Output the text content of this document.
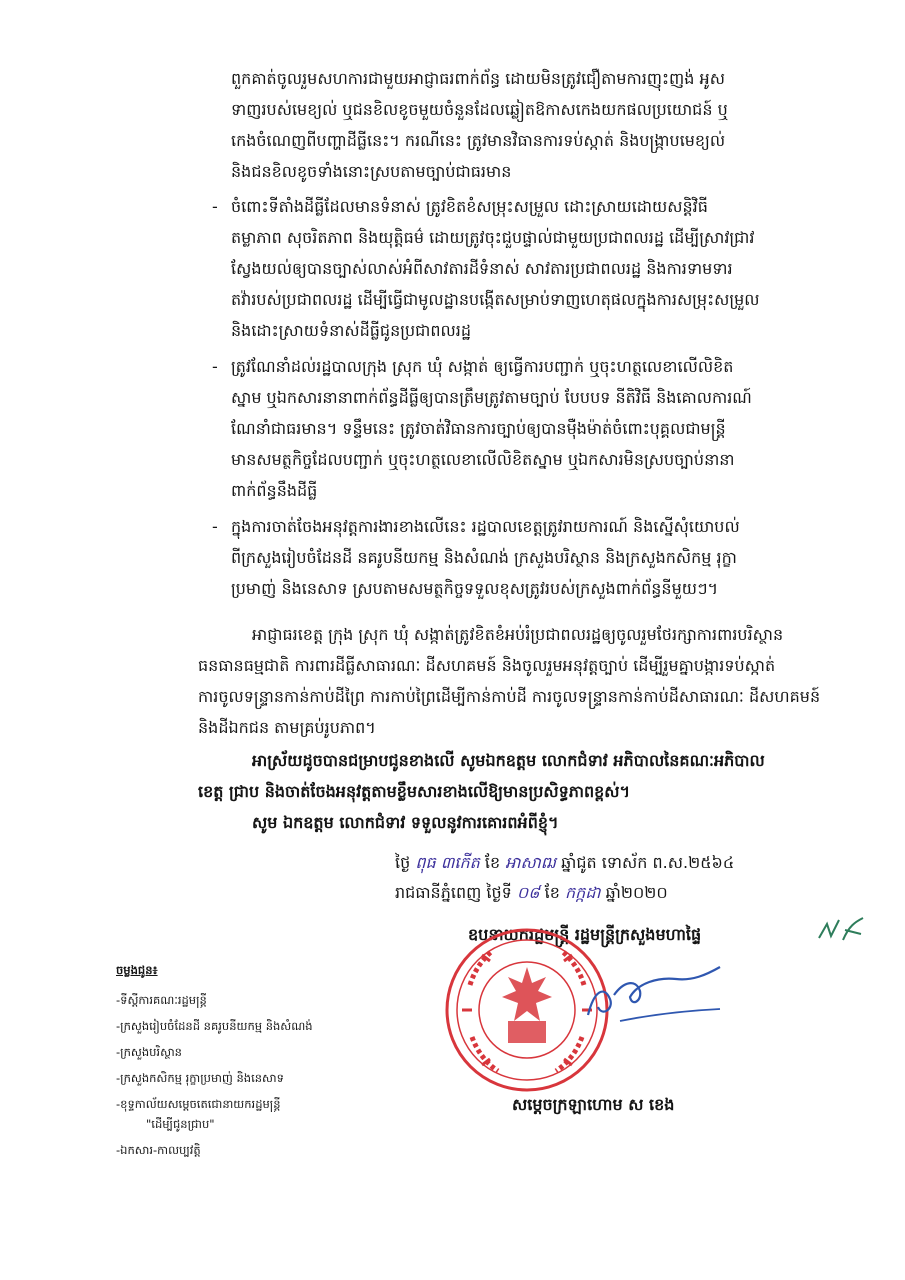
ពួកគាត់ចូលរួមសហការជាមួយអាជ្ញាធរពាក់ព័ន្ធ ដោយមិនត្រូវជឿតាមការញុះញង់ អូស
ទាញរបស់មេខ្យល់ ឬជនខិលខូចមួយចំនួនដែលឆ្លៀតឱកាសកេងយកផលប្រយោជន៍ ឬ
កេងចំណេញពីបញ្ហាដីធ្លីនេះ។ ករណីនេះ ត្រូវមានវិធានការទប់ស្កាត់ និងបង្ក្រាបមេខ្យល់
និងជនខិលខូចទាំងនោះស្របតាមច្បាប់ជាធរមាន
- ចំពោះទីតាំងដីធ្លីដែលមានទំនាស់ ត្រូវខិតខំសម្រុះសម្រួល ដោះស្រាយដោយសន្តិវិធី
តម្លាភាព សុចរិតភាព និងយុត្តិធម៌ ដោយត្រូវចុះជួបផ្ទាល់ជាមួយប្រជាពលរដ្ឋ ដើម្បីស្រាវជ្រាវ
ស្វែងយល់ឲ្យបានច្បាស់លាស់អំពីសាវតារដីទំនាស់ សាវតារប្រជាពលរដ្ឋ និងការទាមទារ
តវ៉ារបស់ប្រជាពលរដ្ឋ ដើម្បីធ្វើជាមូលដ្ឋានបង្កើតសម្រាប់ទាញហេតុផលក្នុងការសម្រុះសម្រួល
និងដោះស្រាយទំនាស់ដីធ្លីជូនប្រជាពលរដ្ឋ
- ត្រូវណែនាំដល់រដ្ឋបាលក្រុង ស្រុក ឃុំ សង្កាត់ ឲ្យធ្វើការបញ្ជាក់ ឬចុះហត្ថលេខាលើលិខិត
ស្នាម ឬឯកសារនានាពាក់ព័ន្ធដីធ្លីឲ្យបានត្រឹមត្រូវតាមច្បាប់ បែបបទ នីតិវិធី និងគោលការណ៍
ណែនាំជាធរមាន។ ទន្ទឹមនេះ ត្រូវចាត់វិធានការច្បាប់ឲ្យបានម៉ឺងម៉ាត់ចំពោះបុគ្គលជាមន្ត្រី
មានសមត្ថកិច្ចដែលបញ្ជាក់ ឬចុះហត្ថលេខាលើលិខិតស្នាម ឬឯកសារមិនស្របច្បាប់នានា
ពាក់ព័ន្ធនឹងដីធ្លី
- ក្នុងការចាត់ចែងអនុវត្តការងារខាងលើនេះ រដ្ឋបាលខេត្តត្រូវរាយការណ៍ និងស្នើសុំយោបល់
ពីក្រសួងរៀបចំដែនដី នគរូបនីយកម្ម និងសំណង់ ក្រសួងបរិស្ថាន និងក្រសួងកសិកម្ម រុក្ខា
ប្រមាញ់ និងនេសាទ ស្របតាមសមត្ថកិច្ចទទួលខុសត្រូវរបស់ក្រសួងពាក់ព័ន្ធនីមួយៗ។
អាជ្ញាធរខេត្ត ក្រុង ស្រុក ឃុំ សង្កាត់ត្រូវខិតខំអប់រំប្រជាពលរដ្ឋឲ្យចូលរួមថែរក្សាការពារបរិស្ថាន
ធនធានធម្មជាតិ ការពារដីធ្លីសាធារណៈ ដីសហគមន៍ និងចូលរួមអនុវត្តច្បាប់ ដើម្បីរួមគ្នាបង្ការទប់ស្កាត់
ការចូលទន្ទ្រានកាន់កាប់ដីព្រៃ ការកាប់ព្រៃដើម្បីកាន់កាប់ដី ការចូលទន្ទ្រានកាន់កាប់ដីសាធារណៈ ដីសហគមន៍
និងដីឯកជន តាមគ្រប់រូបភាព។
អាស្រ័យដូចបានជម្រាបជូនខាងលើ សូមឯកឧត្តម លោកជំទាវ អភិបាលនៃគណៈអភិបាល
ខេត្ត ជ្រាប និងចាត់ចែងអនុវត្តតាមខ្លឹមសារខាងលើឱ្យមានប្រសិទ្ធភាពខ្ពស់។
សូម ឯកឧត្តម លោកជំទាវ ទទួលនូវការគោរពអំពីខ្ញុំ។
ថ្ងៃ ពុធ ៣កើត ខែ អាសាឍ ឆ្នាំជូត ទោស័ក ព.ស.២៥៦៤
រាជធានីភ្នំពេញ ថ្ងៃទី ០៨ ខែ កក្កដា ឆ្នាំ២០២០
ឧបនាយករដ្ឋមន្ត្រី រដ្ឋមន្ត្រីក្រសួងមហាផ្ទៃ
សម្តេចក្រឡាហោម ស ខេង
ចម្លងជូន៖
-ទីស្តីការគណៈរដ្ឋមន្ត្រី
-ក្រសួងរៀបចំដែនដី នគរូបនីយកម្ម និងសំណង់
-ក្រសួងបរិស្ថាន
-ក្រសួងកសិកម្ម រុក្ខាប្រមាញ់ និងនេសាទ
-ខុទ្ទកាល័យសម្តេចតេជោនាយករដ្ឋមន្ត្រី
"ដើម្បីជូនជ្រាប"
-ឯកសារ-កាលប្បវត្តិ
